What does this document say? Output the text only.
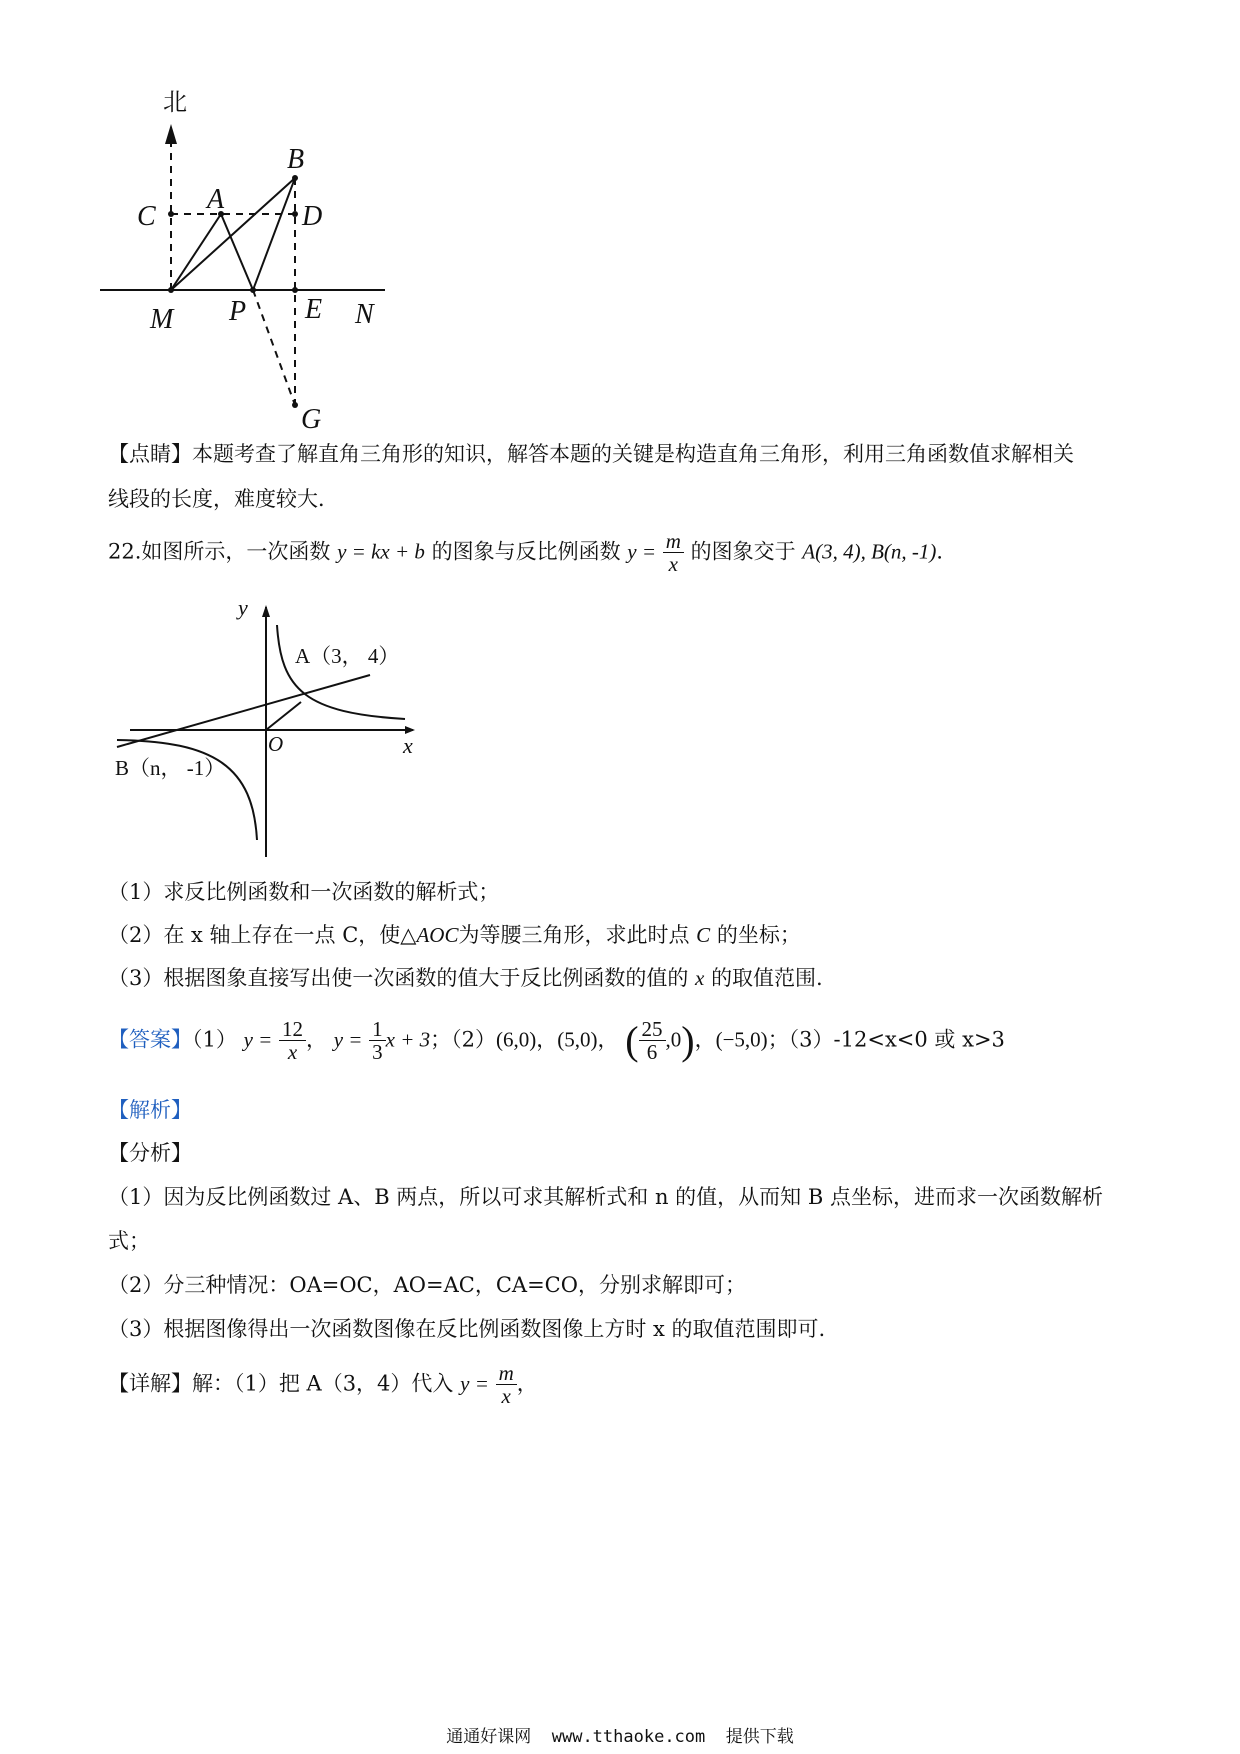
北
B
A
C	D
M P E N
G
【点睛】本题考查了解直角三角形的知识，解答本题的关键是构造直角三角形，利用三角函数值求解相关
线段的长度，难度较大．
22.如图所示，一次函数 y = kx + b 的图象与反比例函数 $y = \frac{m}{x}$ 的图象交于 A(3, 4), B(n, -1)．
y
x
O
A（3， 4）
B（n， -1）
（1）求反比例函数和一次函数的解析式；
（2）在 x 轴上存在一点 C，使△AOC为等腰三角形，求此时点 C 的坐标；
（3）根据图象直接写出使一次函数的值大于反比例函数的值的 x 的取值范围.
【答案】（1） $y = \frac{12}{x}$ ， $y = \frac{1}{3}$ x + 3；（2）(6,0)，(5,0)， ( $\frac{25}{6} ,0$)，(−5,0)；（3）-12<x<0 或 x>3
【解析】
【分析】
（1）因为反比例函数过 A、B 两点，所以可求其解析式和 n 的值，从而知 B 点坐标，进而求一次函数解析
式；
（2）分三种情况：OA=OC，AO=AC，CA=CO，分别求解即可；
（3）根据图像得出一次函数图像在反比例函数图像上方时 x 的取值范围即可.
【详解】解：（1）把 A（3，4）代入 $y = \frac{m}{x}$ ，
通通好课网  www.tthaoke.com  提供下载
